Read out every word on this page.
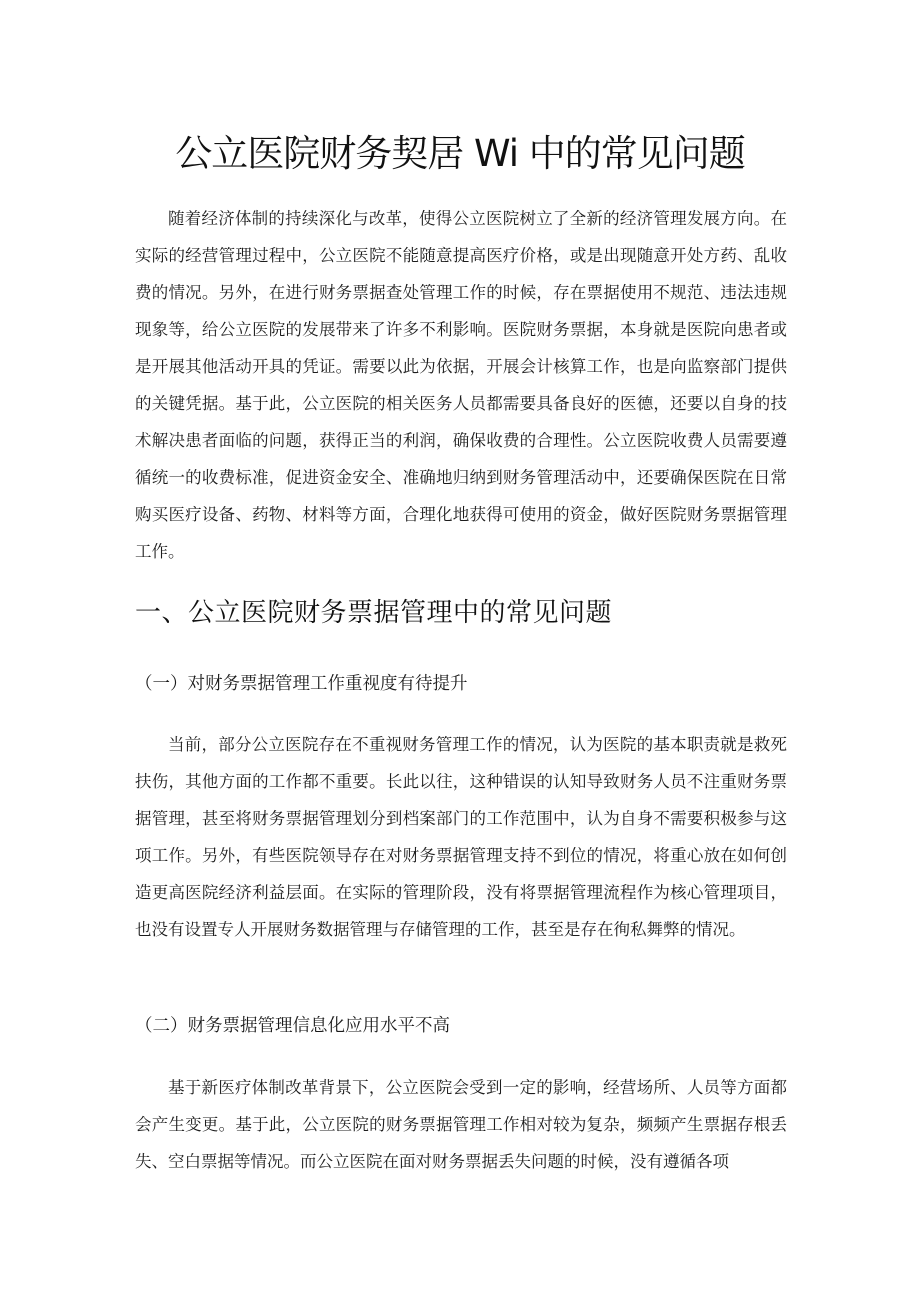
公立医院财务契居 Wi 中的常见问题

随着经济体制的持续深化与改革，使得公立医院树立了全新的经济管理发展方向。在实际的经营管理过程中，公立医院不能随意提高医疗价格，或是出现随意开处方药、乱收费的情况。另外，在进行财务票据查处管理工作的时候，存在票据使用不规范、违法违规现象等，给公立医院的发展带来了许多不利影响。医院财务票据，本身就是医院向患者或是开展其他活动开具的凭证。需要以此为依据，开展会计核算工作，也是向监察部门提供的关键凭据。基于此，公立医院的相关医务人员都需要具备良好的医德，还要以自身的技术解决患者面临的问题，获得正当的利润，确保收费的合理性。公立医院收费人员需要遵循统一的收费标准，促进资金安全、准确地归纳到财务管理活动中，还要确保医院在日常购买医疗设备、药物、材料等方面，合理化地获得可使用的资金，做好医院财务票据管理工作。

一、公立医院财务票据管理中的常见问题
（一）对财务票据管理工作重视度有待提升

当前，部分公立医院存在不重视财务管理工作的情况，认为医院的基本职责就是救死扶伤，其他方面的工作都不重要。长此以往，这种错误的认知导致财务人员不注重财务票据管理，甚至将财务票据管理划分到档案部门的工作范围中，认为自身不需要积极参与这项工作。另外，有些医院领导存在对财务票据管理支持不到位的情况，将重心放在如何创造更高医院经济利益层面。在实际的管理阶段，没有将票据管理流程作为核心管理项目，也没有设置专人开展财务数据管理与存储管理的工作，甚至是存在徇私舞弊的情况。

（二）财务票据管理信息化应用水平不高

基于新医疗体制改革背景下，公立医院会受到一定的影响，经营场所、人员等方面都会产生变更。基于此，公立医院的财务票据管理工作相对较为复杂，频频产生票据存根丢失、空白票据等情况。而公立医院在面对财务票据丢失问题的时候，没有遵循各项
